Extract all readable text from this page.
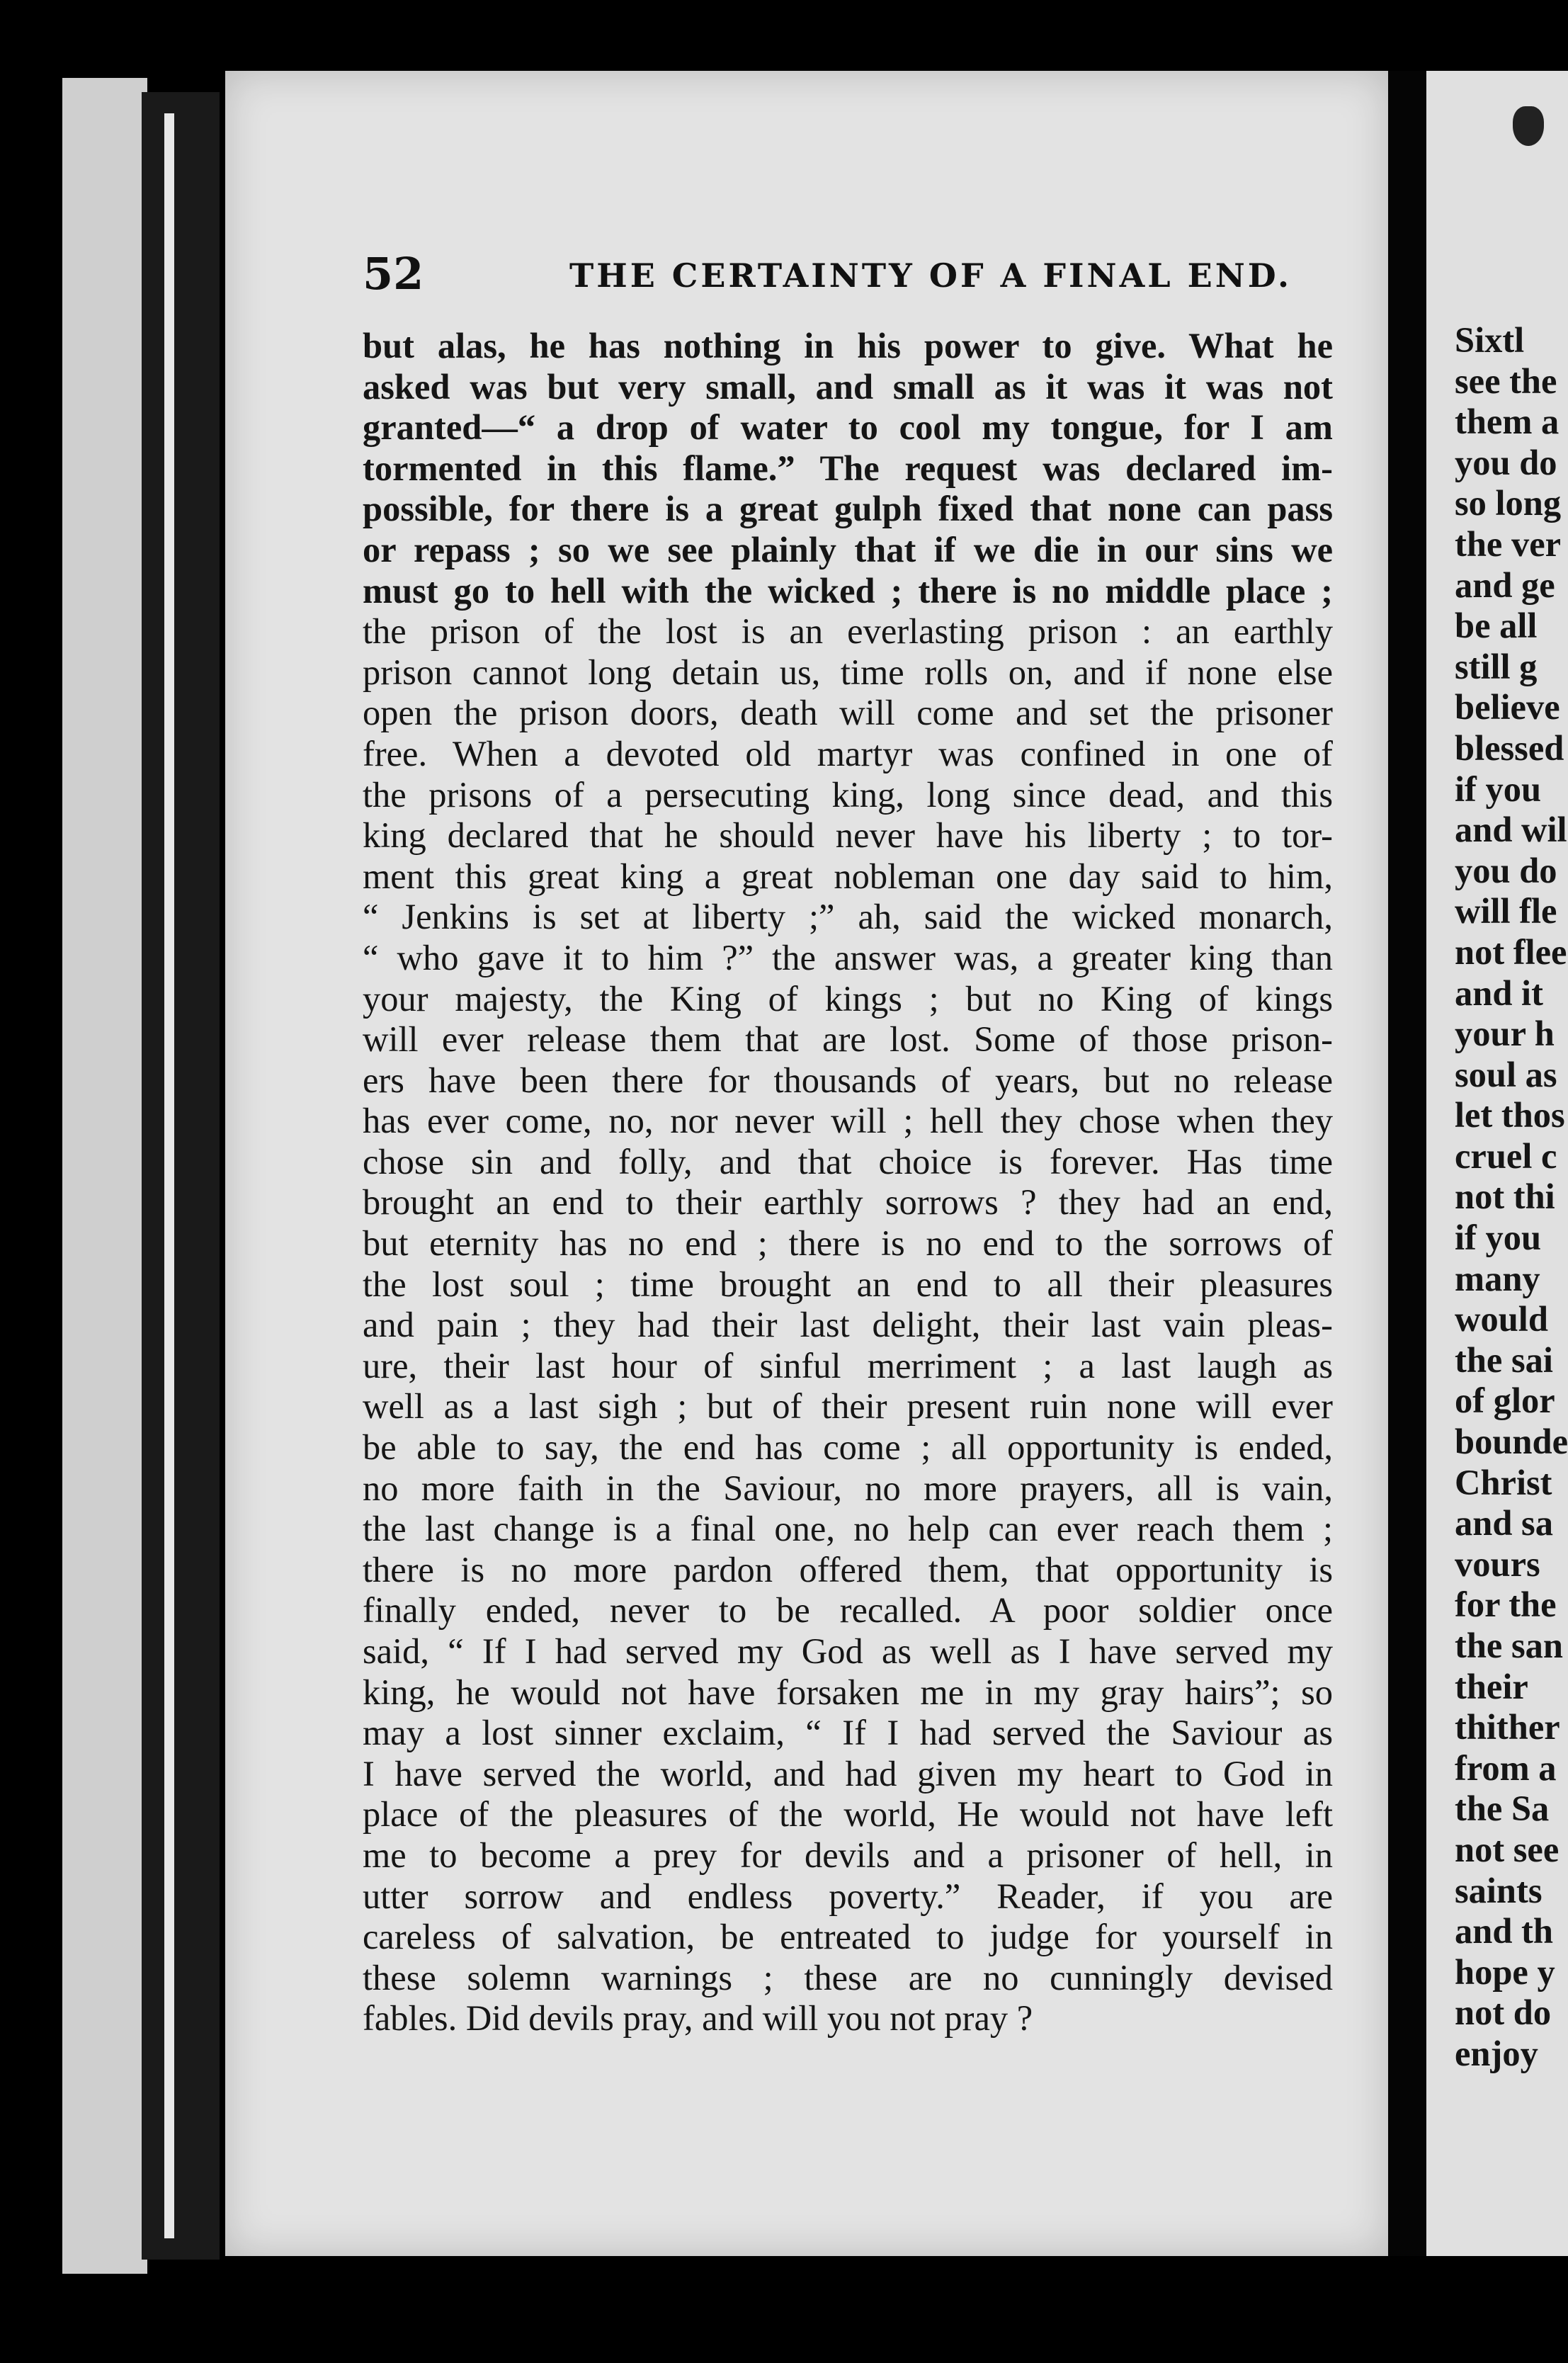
52	THE CERTAINTY OF A FINAL END.
but alas, he has nothing in his power to give. What he
asked was but very small, and small as it was it was not
granted—“ a drop of water to cool my tongue, for I am
tormented in this flame.” The request was declared im-
possible, for there is a great gulph fixed that none can pass
or repass ; so we see plainly that if we die in our sins we
must go to hell with the wicked ; there is no middle place ;
the prison of the lost is an everlasting prison : an earthly
prison cannot long detain us, time rolls on, and if none else
open the prison doors, death will come and set the prisoner
free. When a devoted old martyr was confined in one of
the prisons of a persecuting king, long since dead, and this
king declared that he should never have his liberty ; to tor-
ment this great king a great nobleman one day said to him,
“ Jenkins is set at liberty ;” ah, said the wicked monarch,
“ who gave it to him ?” the answer was, a greater king than
your majesty, the King of kings ; but no King of kings
will ever release them that are lost. Some of those prison-
ers have been there for thousands of years, but no release
has ever come, no, nor never will ; hell they chose when they
chose sin and folly, and that choice is forever. Has time
brought an end to their earthly sorrows ? they had an end,
but eternity has no end ; there is no end to the sorrows of
the lost soul ; time brought an end to all their pleasures
and pain ; they had their last delight, their last vain pleas-
ure, their last hour of sinful merriment ; a last laugh as
well as a last sigh ; but of their present ruin none will ever
be able to say, the end has come ; all opportunity is ended,
no more faith in the Saviour, no more prayers, all is vain,
the last change is a final one, no help can ever reach them ;
there is no more pardon offered them, that opportunity is
finally ended, never to be recalled. A poor soldier once
said, “ If I had served my God as well as I have served my
king, he would not have forsaken me in my gray hairs”; so
may a lost sinner exclaim, “ If I had served the Saviour as
I have served the world, and had given my heart to God in
place of the pleasures of the world, He would not have left
me to become a prey for devils and a prisoner of hell, in
utter sorrow and endless poverty.” Reader, if you are
careless of salvation, be entreated to judge for yourself in
these solemn warnings ; these are no cunningly devised
fables. Did devils pray, and will you not pray ?
Sixtl
see the
them a
you do
so long
the ver
and ge
be all
still g
believe
blessed
if you
and wil
you do
will fle
not flee
and it
your h
soul as
let thos
cruel c
not thi
if you
many
would
the sai
of glor
bounde
Christ
and sa
vours
for the
the san
their
thither
from a
the Sa
not see
saints
and th
hope y
not do
enjoy
